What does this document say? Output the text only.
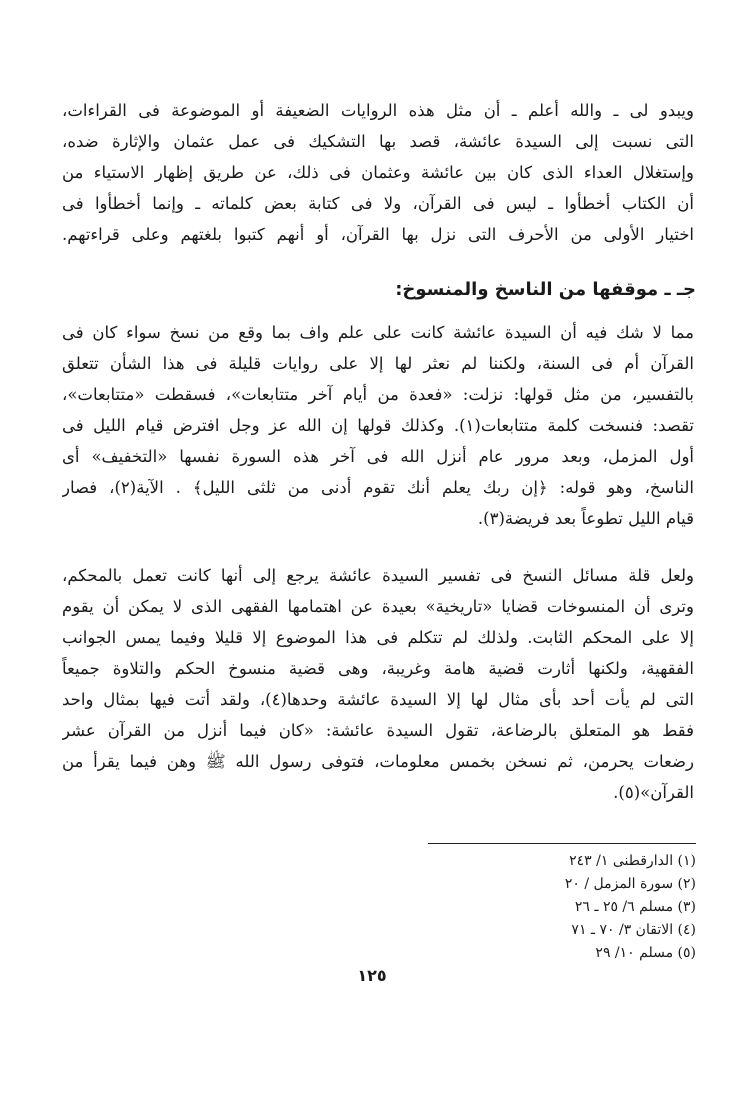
ويبدو لى ـ والله أعلم ـ أن مثل هذه الروايات الضعيفة أو الموضوعة فى القراءات،
التى نسبت إلى السيدة عائشة، قصد بها التشكيك فى عمل عثمان والإثارة ضده،
وإستغلال العداء الذى كان بين عائشة وعثمان فى ذلك، عن طريق إظهار الاستياء من
أن الكتاب أخطأوا ـ ليس فى القرآن، ولا فى كتابة بعض كلماته ـ وإنما أخطأوا فى
اختيار الأولى من الأحرف التى نزل بها القرآن، أو أنهم كتبوا بلغتهم وعلى قراءتهم.
جـ ـ موقفها من الناسخ والمنسوخ:
مما لا شك فيه أن السيدة عائشة كانت على علم واف بما وقع من نسخ سواء كان فى
القرآن أم فى السنة، ولكننا لم نعثر لها إلا على روايات قليلة فى هذا الشأن تتعلق
بالتفسير، من مثل قولها: نزلت: «فعدة من أيام آخر متتابعات»، فسقطت «متتابعات»،
تقصد: فنسخت كلمة متتابعات(١). وكذلك قولها إن الله عز وجل افترض قيام الليل فى
أول المزمل، وبعد مرور عام أنزل الله فى آخر هذه السورة نفسها «التخفيف» أى
الناسخ، وهو قوله: ﴿إن ربك يعلم أنك تقوم أدنى من ثلثى الليل﴾ . الآية(٢)، فصار
قيام الليل تطوعاً بعد فريضة(٣).
ولعل قلة مسائل النسخ فى تفسير السيدة عائشة يرجع إلى أنها كانت تعمل بالمحكم،
وترى أن المنسوخات قضايا «تاريخية» بعيدة عن اهتمامها الفقهى الذى لا يمكن أن يقوم
إلا على المحكم الثابت. ولذلك لم تتكلم فى هذا الموضوع إلا قليلا وفيما يمس الجوانب
الفقهية، ولكنها أثارت قضية هامة وغريبة، وهى قضية منسوخ الحكم والتلاوة جميعاً
التى لم يأت أحد بأى مثال لها إلا السيدة عائشة وحدها(٤)، ولقد أتت فيها بمثال واحد
فقط هو المتعلق بالرضاعة، تقول السيدة عائشة: «كان فيما أنزل من القرآن عشر
رضعات يحرمن، ثم نسخن بخمس معلومات، فتوفى رسول الله ﷺ وهن فيما يقرأ من
القرآن»(٥).
(١) الدارقطنى ١/ ٢٤٣
(٢) سورة المزمل / ٢٠
(٣) مسلم ٦/ ٢٥ ـ ٢٦
(٤) الاتقان ٣/ ٧٠ ـ ٧١
(٥) مسلم ١٠/ ٢٩
١٢٥
